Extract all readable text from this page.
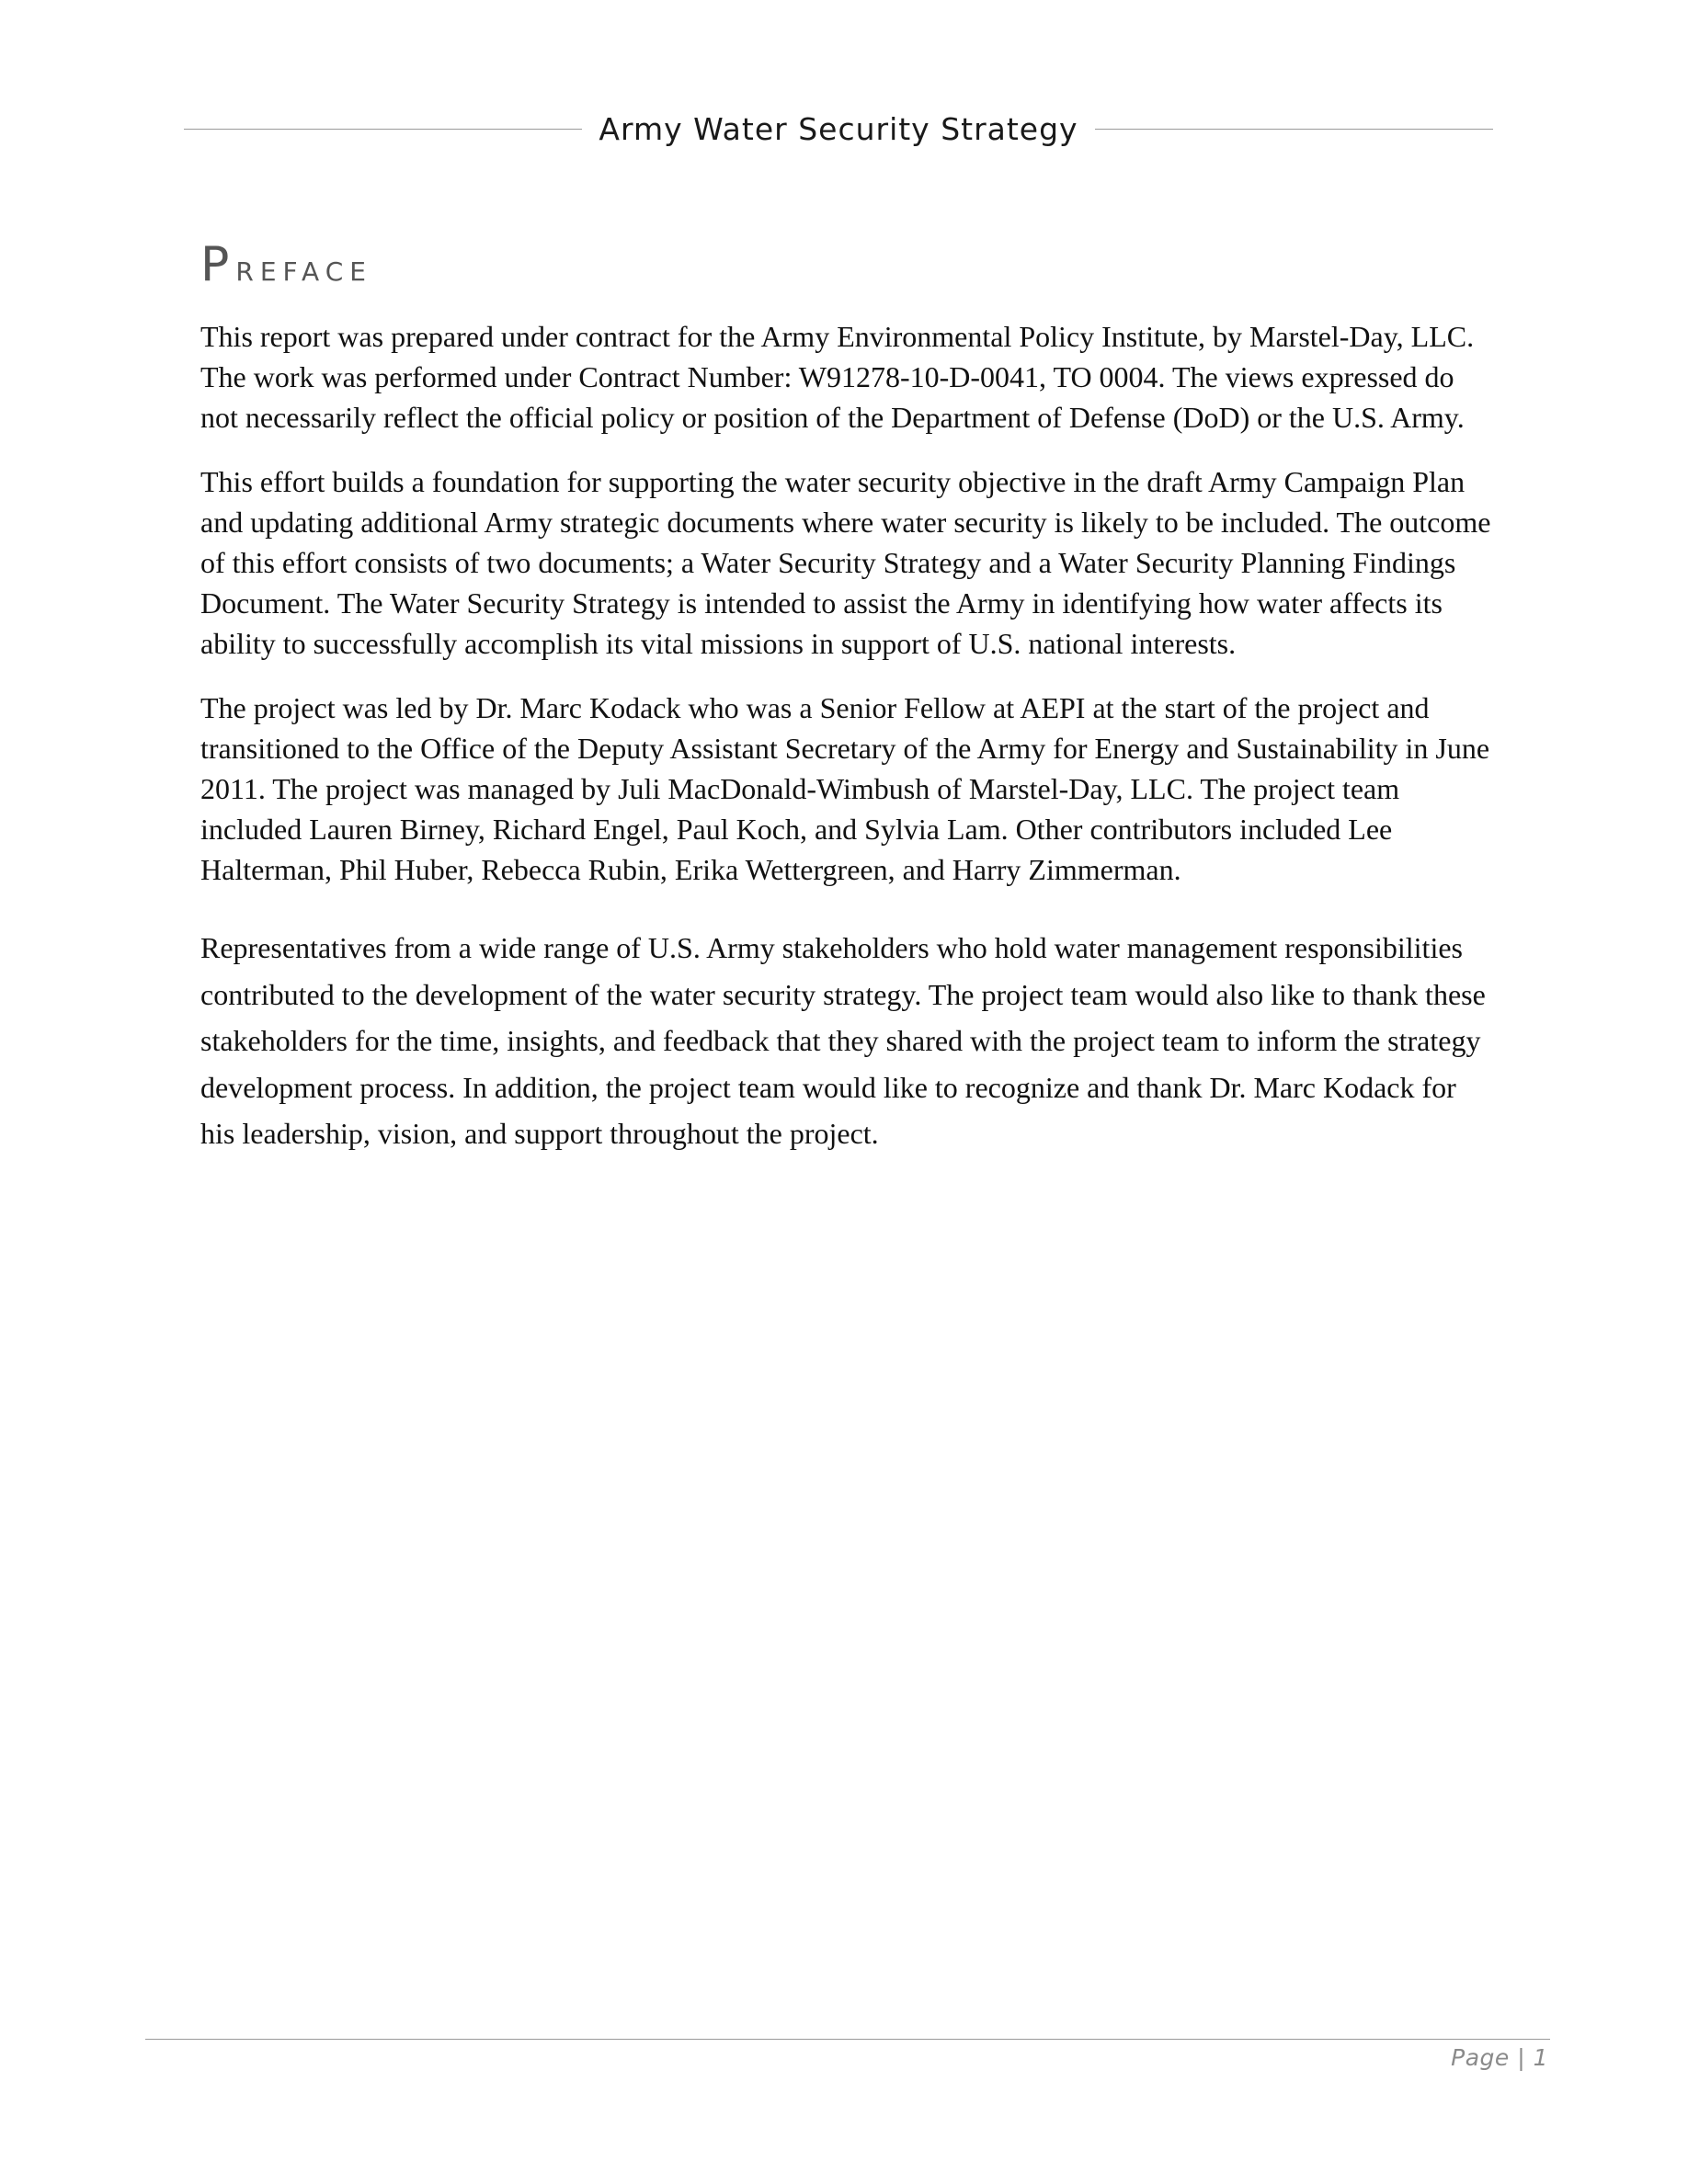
Army Water Security Strategy
Preface

This report was prepared under contract for the Army Environmental Policy Institute, by Marstel-Day, LLC. The work was performed under Contract Number: W91278-10-D-0041, TO 0004. The views expressed do not necessarily reflect the official policy or position of the Department of Defense (DoD) or the U.S. Army.

This effort builds a foundation for supporting the water security objective in the draft Army Campaign Plan and updating additional Army strategic documents where water security is likely to be included. The outcome of this effort consists of two documents; a Water Security Strategy and a Water Security Planning Findings Document. The Water Security Strategy is intended to assist the Army in identifying how water affects its ability to successfully accomplish its vital missions in support of U.S. national interests.

The project was led by Dr. Marc Kodack who was a Senior Fellow at AEPI at the start of the project and transitioned to the Office of the Deputy Assistant Secretary of the Army for Energy and Sustainability in June 2011. The project was managed by Juli MacDonald-Wimbush of Marstel-Day, LLC. The project team included Lauren Birney, Richard Engel, Paul Koch, and Sylvia Lam. Other contributors included Lee Halterman, Phil Huber, Rebecca Rubin, Erika Wettergreen, and Harry Zimmerman.

Representatives from a wide range of U.S. Army stakeholders who hold water management responsibilities contributed to the development of the water security strategy. The project team would also like to thank these stakeholders for the time, insights, and feedback that they shared with the project team to inform the strategy development process. In addition, the project team would like to recognize and thank Dr. Marc Kodack for his leadership, vision, and support throughout the project.

Page | 1
